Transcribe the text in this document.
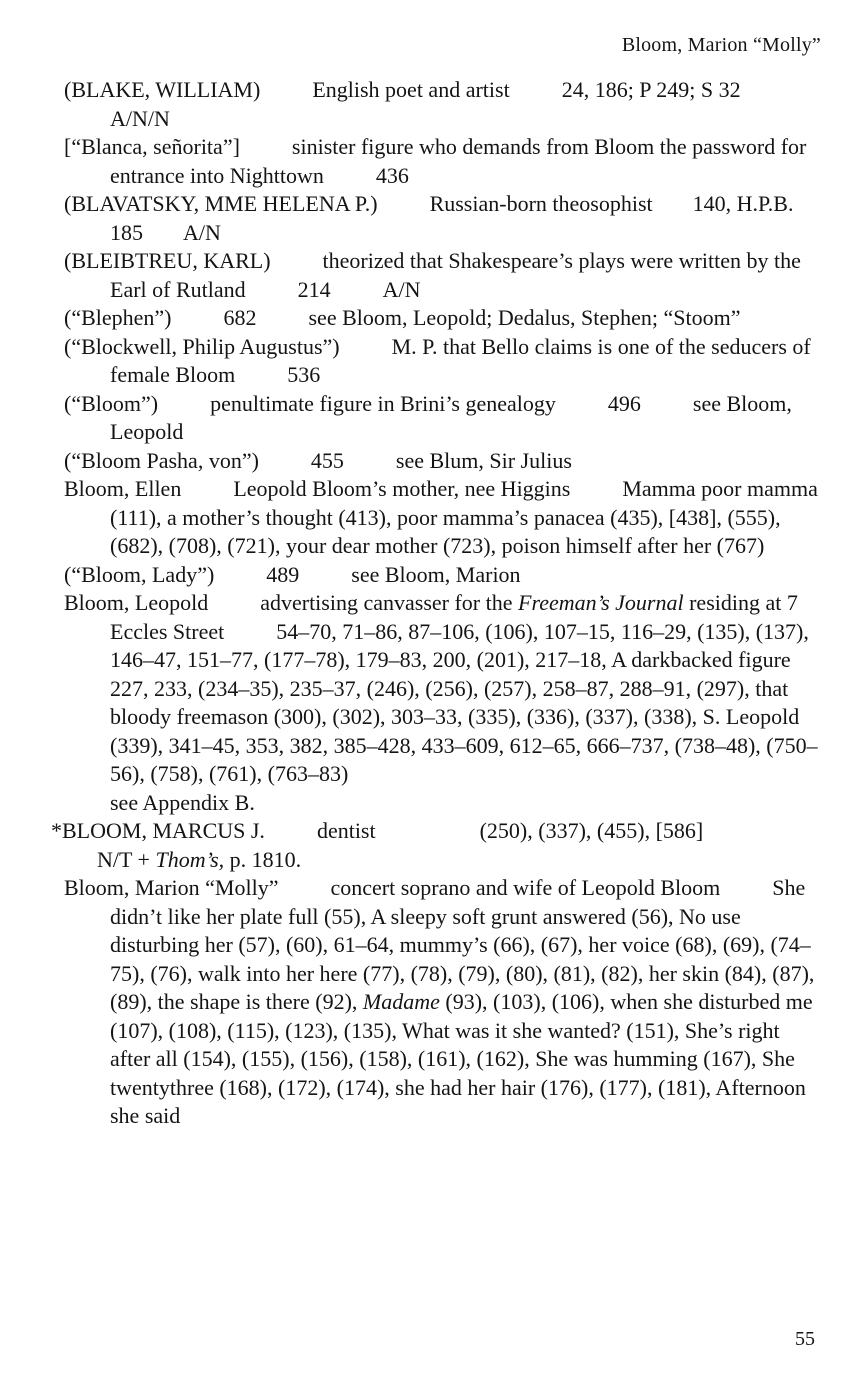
Bloom, Marion “Molly”

(BLAKE, WILLIAM) English poet and artist 24, 186; P 249; S 32A/N/N

[“Blanca, señorita”] sinister figure who demands from Bloom the password for entrance into Nighttown 436

(BLAVATSKY, MME HELENA P.) Russian-born theosophist 140, H.P.B. 185 A/N

(BLEIBTREU, KARL) theorized that Shakespeare’s plays were written by the Earl of Rutland 214 A/N

(“Blephen”) 682 see Bloom, Leopold; Dedalus, Stephen; “Stoom”

(“Blockwell, Philip Augustus”) M. P. that Bello claims is one of the seducers of female Bloom 536

(“Bloom”) penultimate figure in Brini’s genealogy 496 see Bloom, Leopold

(“Bloom Pasha, von”) 455 see Blum, Sir Julius

Bloom, Ellen Leopold Bloom’s mother, nee Higgins Mamma poor mamma (111), a mother’s thought (413), poor mamma’s panacea (435), [438], (555), (682), (708), (721), your dear mother (723), poison himself after her (767)

(“Bloom, Lady”) 489 see Bloom, Marion

Bloom, Leopold advertising canvasser for the Freeman’s Journal residing at 7 Eccles Street 54–70, 71–86, 87–106, (106), 107–15, 116–29, (135), (137), 146–47, 151–77, (177–78), 179–83, 200, (201), 217–18, A darkbacked figure 227, 233, (234–35), 235–37, (246), (256), (257), 258–87, 288–91, (297), that bloody freemason (300), (302), 303–33, (335), (336), (337), (338), S. Leopold (339), 341–45, 353, 382, 385–428, 433–609, 612–65, 666–737, (738–48), (750–56), (758), (761), (763–83)
see Appendix B.

*BLOOM, MARCUS J. dentist	(250), (337), (455), [586]
N/T + Thom’s, p. 1810.

Bloom, Marion “Molly” concert soprano and wife of Leopold Bloom She didn’t like her plate full (55), A sleepy soft grunt answered (56), No use disturbing her (57), (60), 61–64, mummy’s (66), (67), her voice (68), (69), (74–75), (76), walk into her here (77), (78), (79), (80), (81), (82), her skin (84), (87), (89), the shape is there (92), Madame (93), (103), (106), when she disturbed me (107), (108), (115), (123), (135), What was it she wanted? (151), She’s right after all (154), (155), (156), (158), (161), (162), She was humming (167), She twentythree (168), (172), (174), she had her hair (176), (177), (181), Afternoon she said

55
